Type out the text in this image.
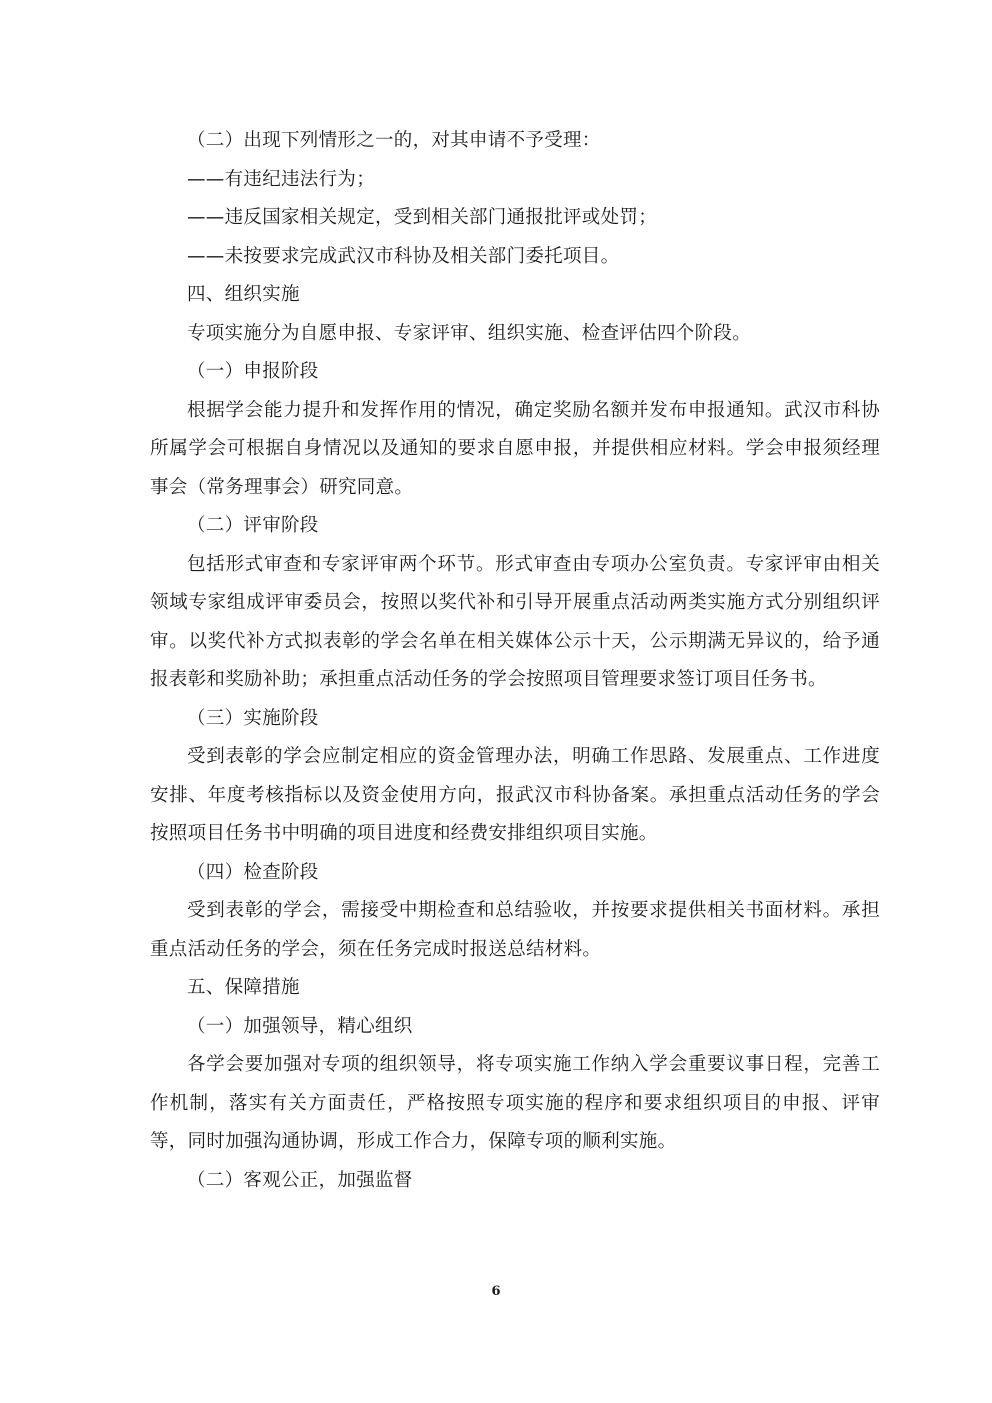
（二）出现下列情形之一的，对其申请不予受理：

——有违纪违法行为；

——违反国家相关规定，受到相关部门通报批评或处罚；

——未按要求完成武汉市科协及相关部门委托项目。

四、组织实施

专项实施分为自愿申报、专家评审、组织实施、检查评估四个阶段。

（一）申报阶段

根据学会能力提升和发挥作用的情况，确定奖励名额并发布申报通知。武汉市科协所属学会可根据自身情况以及通知的要求自愿申报，并提供相应材料。学会申报须经理事会（常务理事会）研究同意。

（二）评审阶段

包括形式审查和专家评审两个环节。形式审查由专项办公室负责。专家评审由相关领域专家组成评审委员会，按照以奖代补和引导开展重点活动两类实施方式分别组织评审。以奖代补方式拟表彰的学会名单在相关媒体公示十天，公示期满无异议的，给予通报表彰和奖励补助；承担重点活动任务的学会按照项目管理要求签订项目任务书。

（三）实施阶段

受到表彰的学会应制定相应的资金管理办法，明确工作思路、发展重点、工作进度安排、年度考核指标以及资金使用方向，报武汉市科协备案。承担重点活动任务的学会按照项目任务书中明确的项目进度和经费安排组织项目实施。

（四）检查阶段

受到表彰的学会，需接受中期检查和总结验收，并按要求提供相关书面材料。承担重点活动任务的学会，须在任务完成时报送总结材料。

五、保障措施

（一）加强领导，精心组织

各学会要加强对专项的组织领导，将专项实施工作纳入学会重要议事日程，完善工作机制，落实有关方面责任，严格按照专项实施的程序和要求组织项目的申报、评审等，同时加强沟通协调，形成工作合力，保障专项的顺利实施。

（二）客观公正，加强监督

6
